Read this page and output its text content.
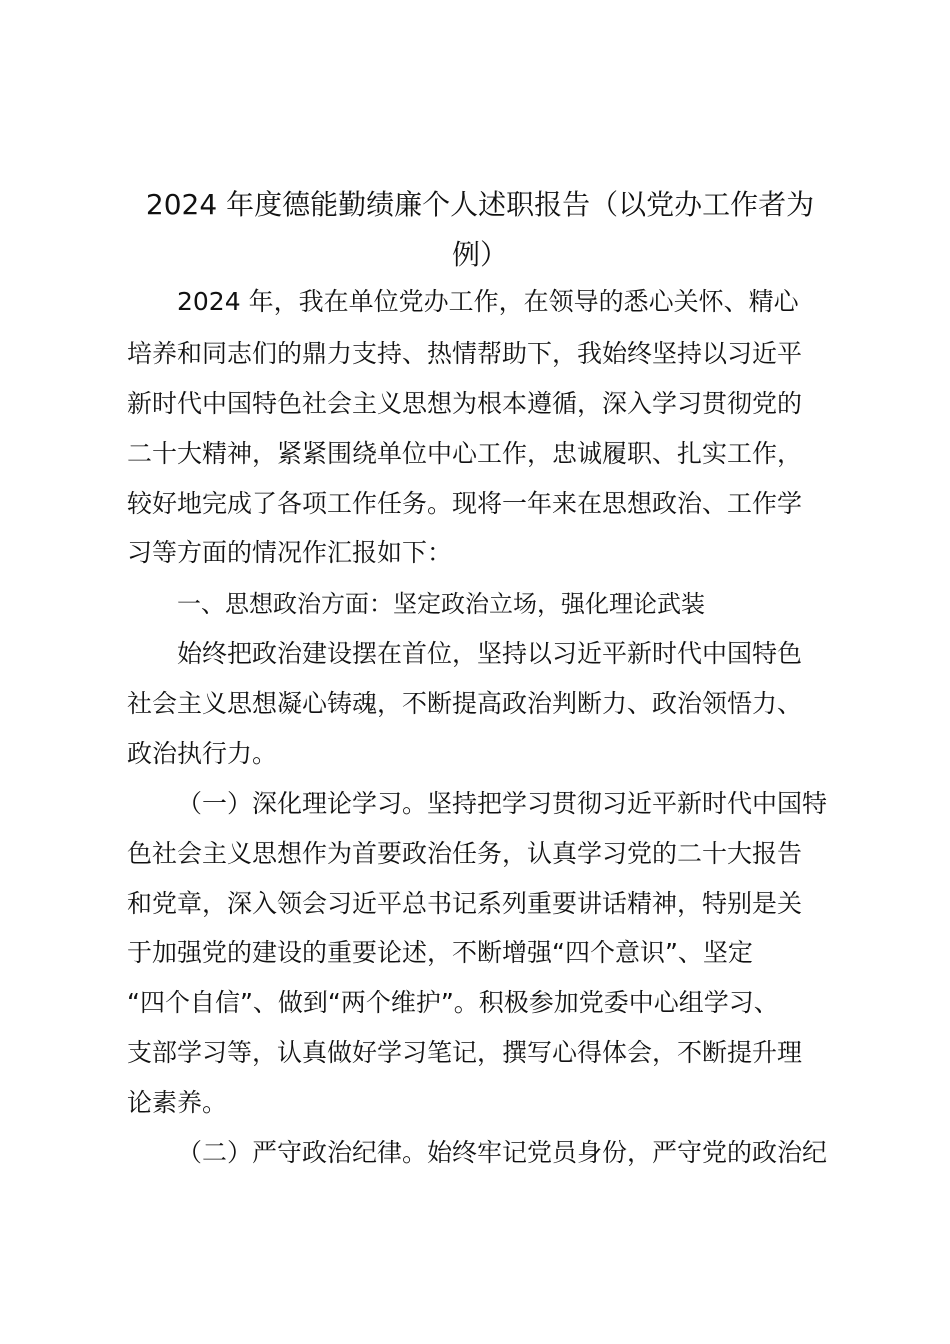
2024 年度德能勤绩廉个人述职报告（以党办工作者为
例）

2024 年，我在单位党办工作，在领导的悉心关怀、精心

培养和同志们的鼎力支持、热情帮助下，我始终坚持以习近平

新时代中国特色社会主义思想为根本遵循，深入学习贯彻党的

二十大精神，紧紧围绕单位中心工作，忠诚履职、扎实工作，

较好地完成了各项工作任务。现将一年来在思想政治、工作学

习等方面的情况作汇报如下：

一、思想政治方面：坚定政治立场，强化理论武装

始终把政治建设摆在首位，坚持以习近平新时代中国特色

社会主义思想凝心铸魂，不断提高政治判断力、政治领悟力、

政治执行力。

（一）深化理论学习。坚持把学习贯彻习近平新时代中国特

色社会主义思想作为首要政治任务，认真学习党的二十大报告

和党章，深入领会习近平总书记系列重要讲话精神，特别是关

于加强党的建设的重要论述，不断增强“四个意识”、坚定

“四个自信”、做到“两个维护”。积极参加党委中心组学习、

支部学习等，认真做好学习笔记，撰写心得体会，不断提升理

论素养。

（二）严守政治纪律。始终牢记党员身份，严守党的政治纪
